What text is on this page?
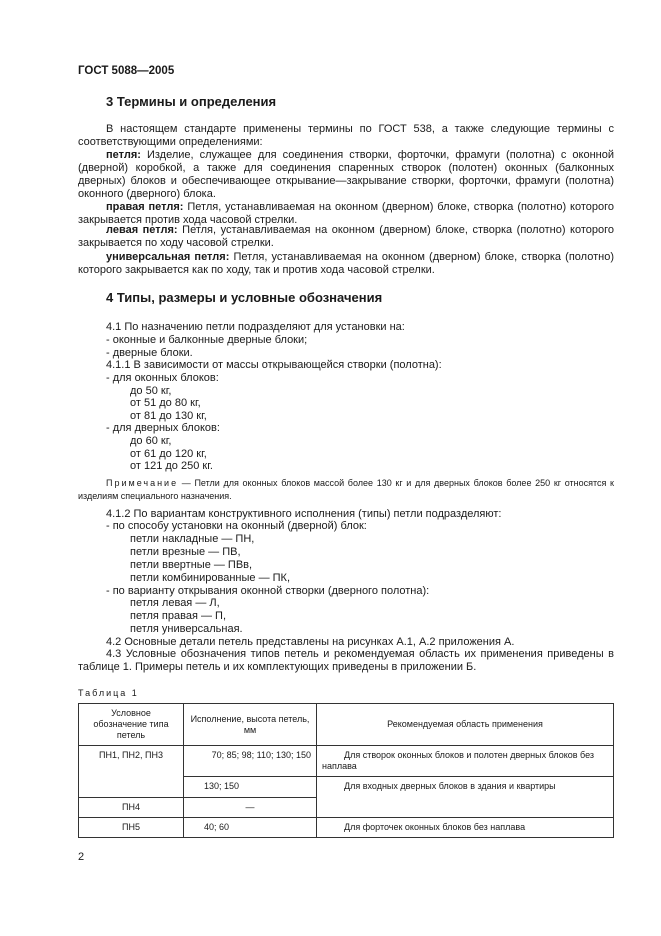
ГОСТ 5088—2005
3 Термины и определения
В настоящем стандарте применены термины по ГОСТ 538, а также следующие термины с соответствующими определениями:
петля: Изделие, служащее для соединения створки, форточки, фрамуги (полотна) с оконной (дверной) коробкой, а также для соединения спаренных створок (полотен) оконных (балконных дверных) блоков и обеспечивающее открывание—закрывание створки, форточки, фрамуги (полотна) оконного (дверного) блока.
правая петля: Петля, устанавливаемая на оконном (дверном) блоке, створка (полотно) которого закрывается против хода часовой стрелки.
левая петля: Петля, устанавливаемая на оконном (дверном) блоке, створка (полотно) которого закрывается по ходу часовой стрелки.
универсальная петля: Петля, устанавливаемая на оконном (дверном) блоке, створка (полотно) которого закрывается как по ходу, так и против хода часовой стрелки.
4 Типы, размеры и условные обозначения
4.1 По назначению петли подразделяют для установки на:
- оконные и балконные дверные блоки;
- дверные блоки.
4.1.1 В зависимости от массы открывающейся створки (полотна):
- для оконных блоков:
до 50 кг,
от 51 до 80 кг,
от 81 до 130 кг,
- для дверных блоков:
до 60 кг,
от 61 до 120 кг,
от 121 до 250 кг.
Примечание — Петли для оконных блоков массой более 130 кг и для дверных блоков более 250 кг относятся к изделиям специального назначения.
4.1.2 По вариантам конструктивного исполнения (типы) петли подразделяют:
- по способу установки на оконный (дверной) блок:
петли накладные — ПН,
петли врезные — ПВ,
петли ввертные — ПВв,
петли комбинированные — ПК,
- по варианту открывания оконной створки (дверного полотна):
петля левая — Л,
петля правая — П,
петля универсальная.
4.2 Основные детали петель представлены на рисунках А.1, А.2 приложения А.
4.3 Условные обозначения типов петель и рекомендуемая область их применения приведены в таблице 1. Примеры петель и их комплектующих приведены в приложении Б.
Таблица 1
Условное обозначение типа петель	Исполнение, высота петель, мм	Рекомендуемая область применения
ПН1, ПН2, ПН3	70; 85; 98; 110; 130; 150	Для створок оконных блоков и полотен дверных блоков без наплава
	130; 150	Для входных дверных блоков в здания и квартиры
ПН4	—	
ПН5	40; 60	Для форточек оконных блоков без наплава
2
